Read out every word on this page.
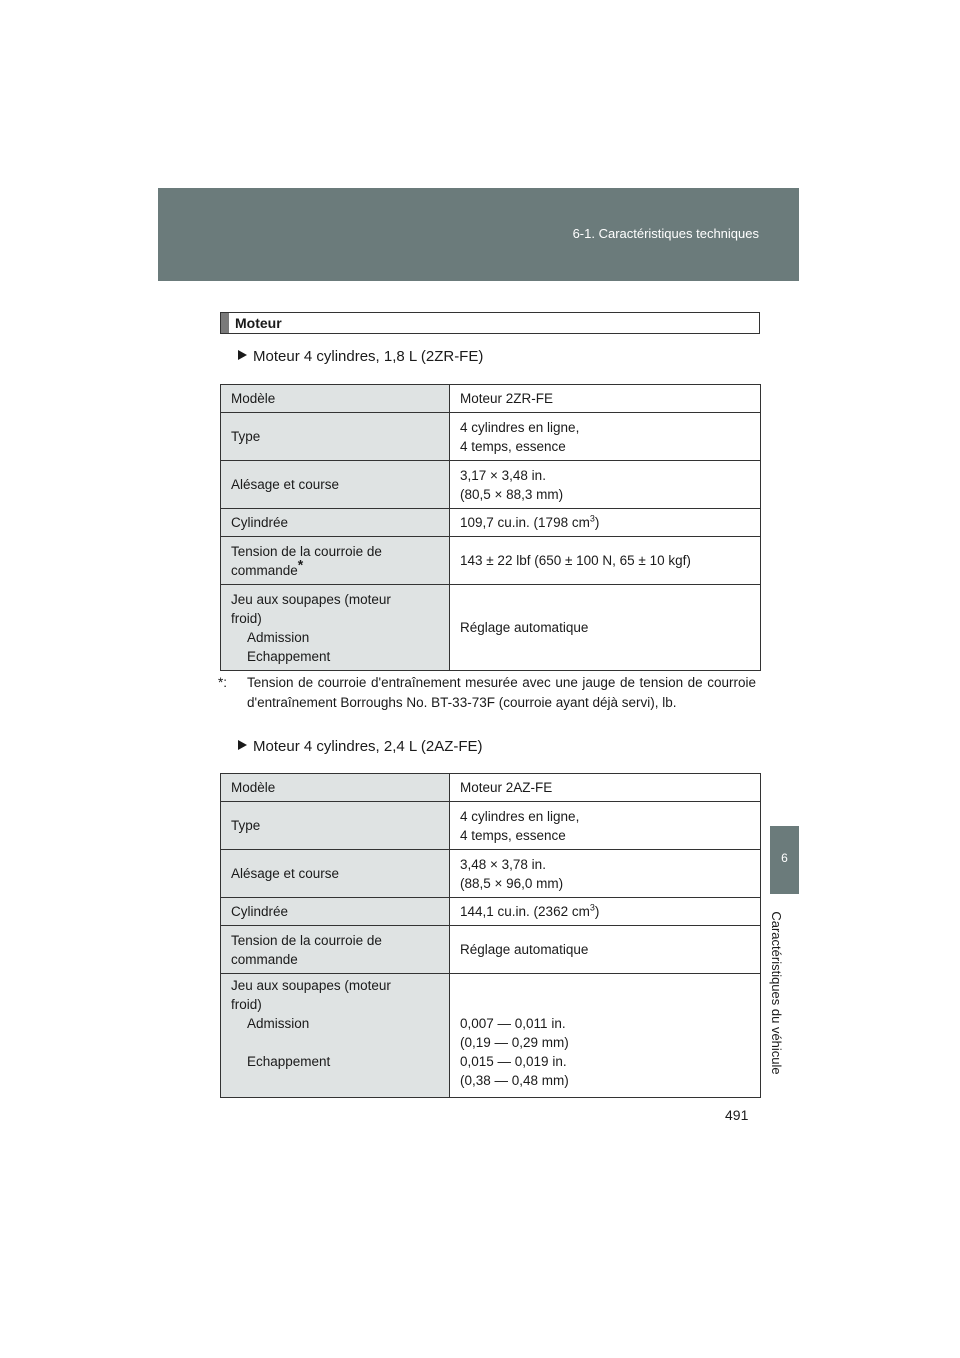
6-1. Caractéristiques techniques
6
Caractéristiques du véhicule
Moteur
Moteur 4 cylindres, 1,8 L (2ZR-FE)
Modèle	Moteur 2ZR-FE
Type	4 cylindres en ligne,
4 temps, essence
Alésage et course	3,17 × 3,48 in.
(80,5 × 88,3 mm)
Cylindrée	109,7 cu.in. (1798 $cm^3$)
Tension de la courroie de
commande*	143 ± 22 lbf (650 ± 100 N, 65 ± 10 kgf)
Jeu aux soupapes (moteur
froid)
Admission
Echappement	Réglage automatique
*: Tension de courroie d'entraînement mesurée avec une jauge de tension de courroie d'entraînement Borroughs No. BT-33-73F (courroie ayant déjà servi), lb.
Moteur 4 cylindres, 2,4 L (2AZ-FE)
Modèle	Moteur 2AZ-FE
Type	4 cylindres en ligne,
4 temps, essence
Alésage et course	3,48 × 3,78 in.
(88,5 × 96,0 mm)
Cylindrée	144,1 cu.in. (2362 $cm^3$)
Tension de la courroie de
commande	Réglage automatique
Jeu aux soupapes (moteur
froid)
Admission
Echappement	0,007 — 0,011 in.
(0,19 — 0,29 mm)
0,015 — 0,019 in.
(0,38 — 0,48 mm)
491
